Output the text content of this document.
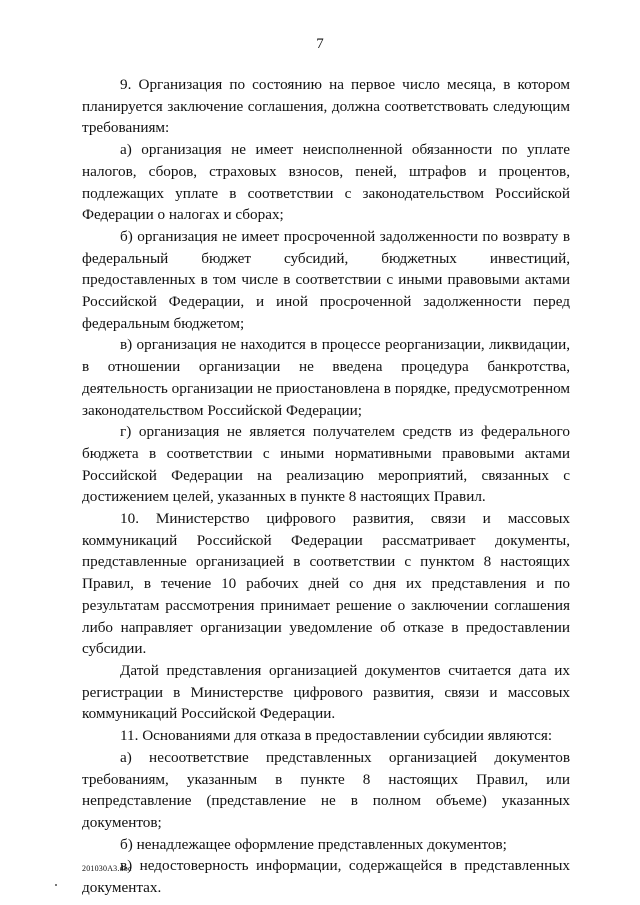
7

9. Организация по состоянию на первое число месяца, в котором планируется заключение соглашения, должна соответствовать следующим требованиям:

а) организация не имеет неисполненной обязанности по уплате налогов, сборов, страховых взносов, пеней, штрафов и процентов, подлежащих уплате в соответствии с законодательством Российской Федерации о налогах и сборах;

б) организация не имеет просроченной задолженности по возврату в федеральный бюджет субсидий, бюджетных инвестиций, предоставленных в том числе в соответствии с иными правовыми актами Российской Федерации, и иной просроченной задолженности перед федеральным бюджетом;

в) организация не находится в процессе реорганизации, ликвидации, в отношении организации не введена процедура банкротства, деятельность организации не приостановлена в порядке, предусмотренном законодательством Российской Федерации;

г) организация не является получателем средств из федерального бюджета в соответствии с иными нормативными правовыми актами Российской Федерации на реализацию мероприятий, связанных с достижением целей, указанных в пункте 8 настоящих Правил.

10. Министерство цифрового развития, связи и массовых коммуникаций Российской Федерации рассматривает документы, представленные организацией в соответствии с пунктом 8 настоящих Правил, в течение 10 рабочих дней со дня их представления и по результатам рассмотрения принимает решение о заключении соглашения либо направляет организации уведомление об отказе в предоставлении субсидии.

Датой представления организацией документов считается дата их регистрации в Министерстве цифрового развития, связи и массовых коммуникаций Российской Федерации.

11. Основаниями для отказа в предоставлении субсидии являются:

а) несоответствие представленных организацией документов требованиям, указанным в пункте 8 настоящих Правил, или непредставление (представление не в полном объеме) указанных документов;

б) ненадлежащее оформление представленных документов;

в) недостоверность информации, содержащейся в представленных документах.

201030A3.doc
